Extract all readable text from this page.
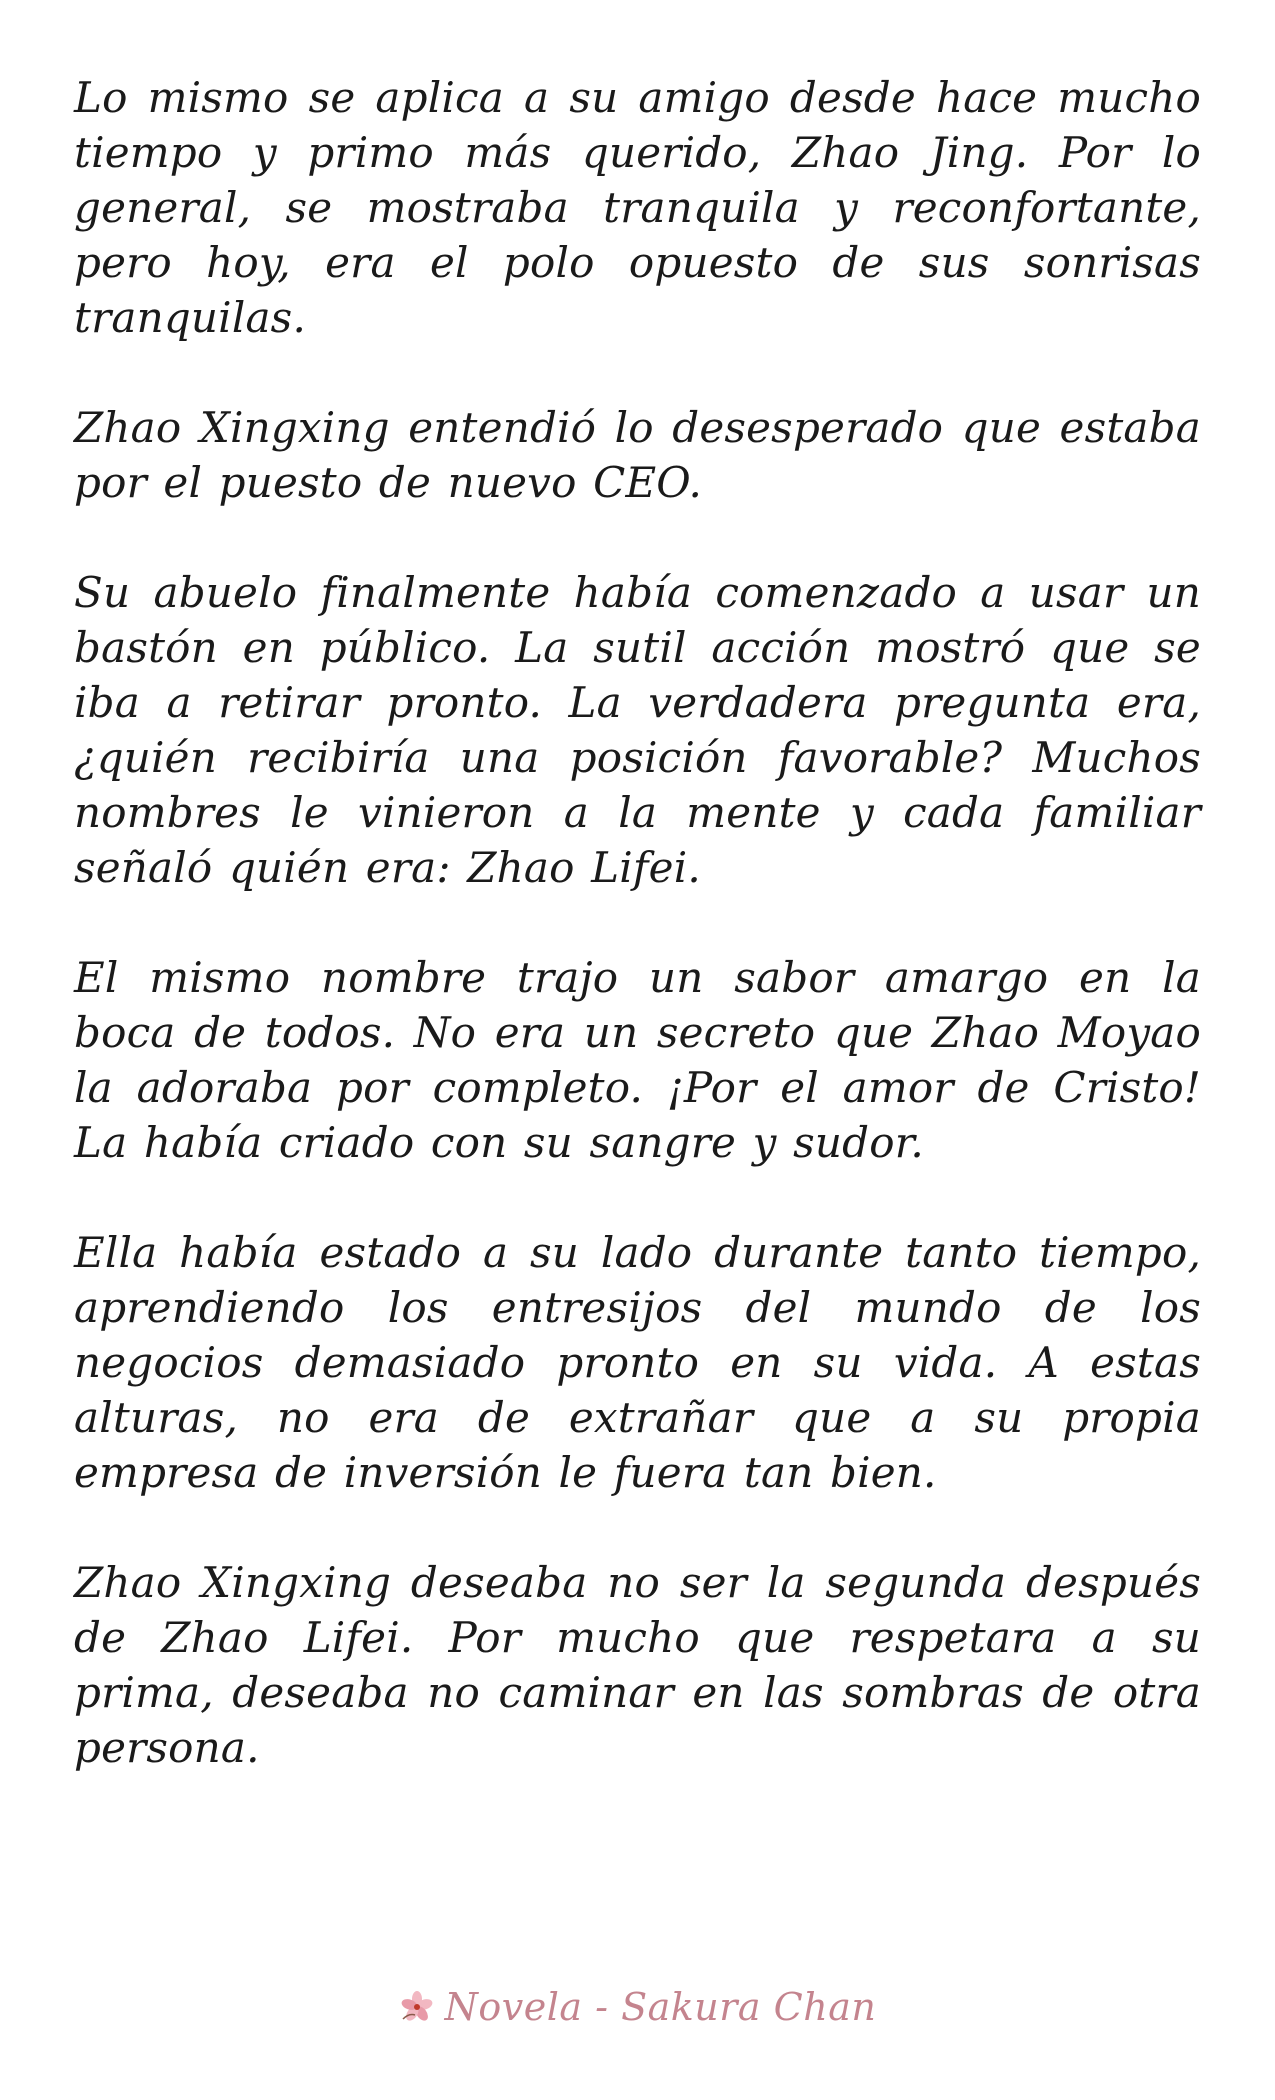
Lo mismo se aplica a su amigo desde hace mucho tiempo y primo más querido, Zhao Jing. Por lo general, se mostraba tranquila y reconfortante, pero hoy, era el polo opuesto de sus sonrisas tranquilas.

Zhao Xingxing entendió lo desesperado que estaba por el puesto de nuevo CEO.

Su abuelo finalmente había comenzado a usar un bastón en público. La sutil acción mostró que se iba a retirar pronto. La verdadera pregunta era, ¿quién recibiría una posición favorable? Muchos nombres le vinieron a la mente y cada familiar señaló quién era: Zhao Lifei.

El mismo nombre trajo un sabor amargo en la boca de todos. No era un secreto que Zhao Moyao la adoraba por completo. ¡Por el amor de Cristo! La había criado con su sangre y sudor.

Ella había estado a su lado durante tanto tiempo, aprendiendo los entresijos del mundo de los negocios demasiado pronto en su vida. A estas alturas, no era de extrañar que a su propia empresa de inversión le fuera tan bien.

Zhao Xingxing deseaba no ser la segunda después de Zhao Lifei. Por mucho que respetara a su prima, deseaba no caminar en las sombras de otra persona.

Novela - Sakura Chan
